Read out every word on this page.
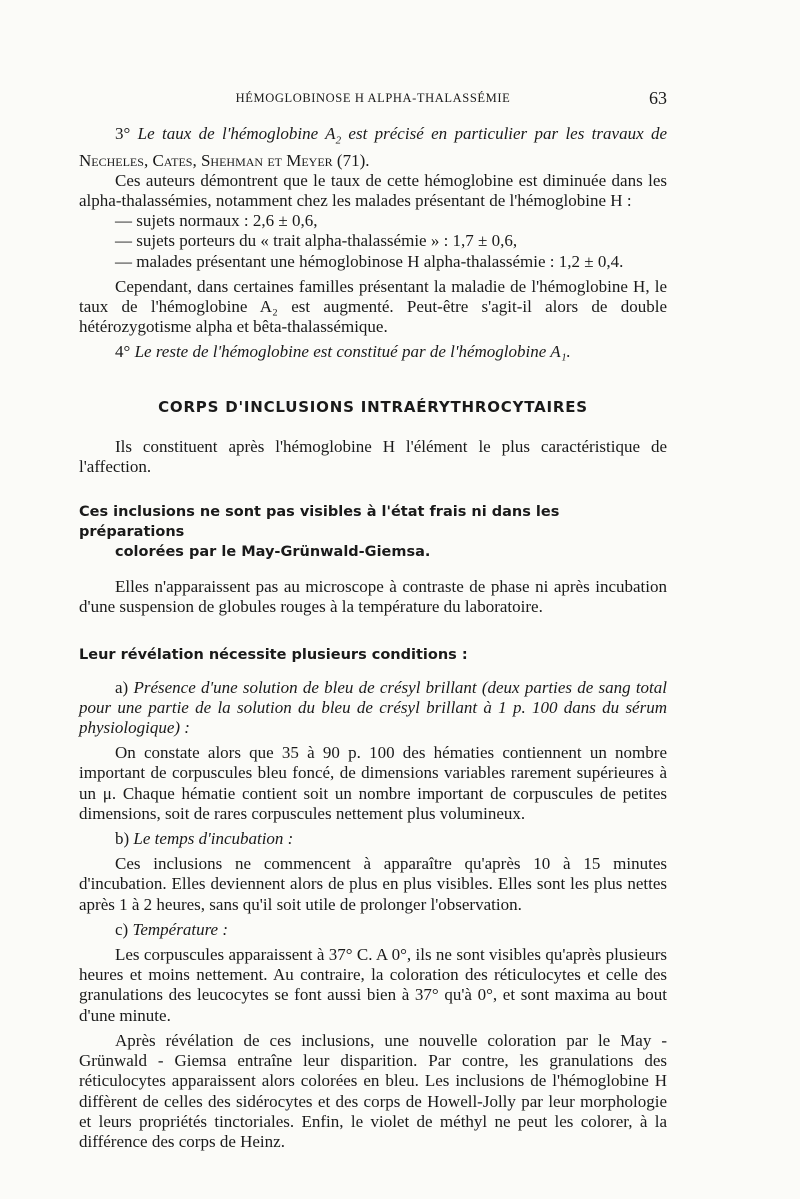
HÉMOGLOBINOSE H ALPHA-THALASSÉMIE	63

3° Le taux de l'hémoglobine $A_2$ est précisé en particulier par les travaux de Necheles, Cates, Shehman et Meyer (71).

Ces auteurs démontrent que le taux de cette hémoglobine est diminuée dans les alpha-thalassémies, notamment chez les malades présentant de l'hémoglobine H :

— sujets normaux : 2,6 ± 0,6,

— sujets porteurs du « trait alpha-thalassémie » : 1,7 ± 0,6,

— malades présentant une hémoglobinose H alpha-thalassémie : 1,2 ± 0,4.

Cependant, dans certaines familles présentant la maladie de l'hémoglobine H, le taux de l'hémoglobine A₂ est augmenté. Peut-être s'agit-il alors de double hétérozygotisme alpha et bêta-thalassémique.

4° Le reste de l'hémoglobine est constitué par de l'hémoglobine A₁.

CORPS D'INCLUSIONS INTRAÉRYTHROCYTAIRES

Ils constituent après l'hémoglobine H l'élément le plus caractéristique de l'affection.

Ces inclusions ne sont pas visibles à l'état frais ni dans les préparations
colorées par le May-Grünwald-Giemsa.

Elles n'apparaissent pas au microscope à contraste de phase ni après incubation d'une suspension de globules rouges à la température du laboratoire.

Leur révélation nécessite plusieurs conditions :

a) Présence d'une solution de bleu de crésyl brillant (deux parties de sang total pour une partie de la solution du bleu de crésyl brillant à 1 p. 100 dans du sérum physiologique) :

On constate alors que 35 à 90 p. 100 des hématies contiennent un nombre important de corpuscules bleu foncé, de dimensions variables rarement supérieures à un μ. Chaque hématie contient soit un nombre important de corpuscules de petites dimensions, soit de rares corpuscules nettement plus volumineux.

b) Le temps d'incubation :

Ces inclusions ne commencent à apparaître qu'après 10 à 15 minutes d'incubation. Elles deviennent alors de plus en plus visibles. Elles sont les plus nettes après 1 à 2 heures, sans qu'il soit utile de prolonger l'observation.

c) Température :

Les corpuscules apparaissent à 37° C. A 0°, ils ne sont visibles qu'après plusieurs heures et moins nettement. Au contraire, la coloration des réticulocytes et celle des granulations des leucocytes se font aussi bien à 37° qu'à 0°, et sont maxima au bout d'une minute.

Après révélation de ces inclusions, une nouvelle coloration par le May - Grünwald - Giemsa entraîne leur disparition. Par contre, les granulations des réticulocytes apparaissent alors colorées en bleu. Les inclusions de l'hémoglobine H diffèrent de celles des sidérocytes et des corps de Howell-Jolly par leur morphologie et leurs propriétés tinctoriales. Enfin, le violet de méthyl ne peut les colorer, à la différence des corps de Heinz.
